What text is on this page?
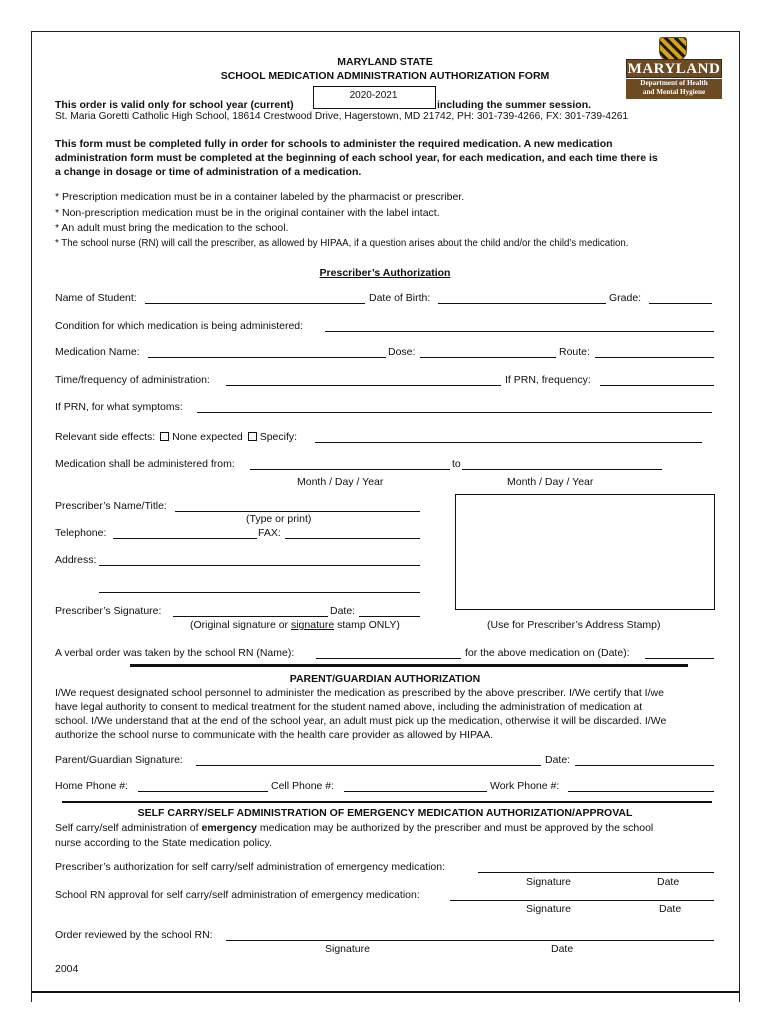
MARYLAND
Department of Health
and Mental Hygiene
MARYLAND STATE
SCHOOL MEDICATION ADMINISTRATION AUTHORIZATION FORM
This order is valid only for school year (current)
2020-2021
including the summer session.
St. Maria Goretti Catholic High School, 18614 Crestwood Drive, Hagerstown, MD 21742, PH: 301-739-4266, FX: 301-739-4261
This form must be completed fully in order for schools to administer the required medication. A new medication
administration form must be completed at the beginning of each school year, for each medication, and each time there is
a change in dosage or time of administration of a medication.
* Prescription medication must be in a container labeled by the pharmacist or prescriber.
* Non-prescription medication must be in the original container with the label intact.
* An adult must bring the medication to the school.
* The school nurse (RN) will call the prescriber, as allowed by HIPAA, if a question arises about the child and/or the child’s medication.
Prescriber’s Authorization
Name of Student:	Date of Birth:	Grade:
Condition for which medication is being administered:
Medication Name:	Dose:	Route:
Time/frequency of administration:	If PRN, frequency:
If PRN, for what symptoms:
Relevant side effects: None expected Specify:
Medication shall be administered from:	to
Month / Day / Year	Month / Day / Year
Prescriber’s Name/Title:
(Type or print)
Telephone:	FAX:
Address:
Prescriber’s Signature:	Date:
(Original signature or signature stamp ONLY)	(Use for Prescriber’s Address Stamp)
A verbal order was taken by the school RN (Name):	for the above medication on (Date):
PARENT/GUARDIAN AUTHORIZATION
I/We request designated school personnel to administer the medication as prescribed by the above prescriber. I/We certify that I/we
have legal authority to consent to medical treatment for the student named above, including the administration of medication at
school. I/We understand that at the end of the school year, an adult must pick up the medication, otherwise it will be discarded. I/We
authorize the school nurse to communicate with the health care provider as allowed by HIPAA.
Parent/Guardian Signature:	Date:
Home Phone #:	Cell Phone #:	Work Phone #:
SELF CARRY/SELF ADMINISTRATION OF EMERGENCY MEDICATION AUTHORIZATION/APPROVAL
Self carry/self administration of emergency medication may be authorized by the prescriber and must be approved by the school
nurse according to the State medication policy.
Prescriber’s authorization for self carry/self administration of emergency medication:
Signature	Date
School RN approval for self carry/self administration of emergency medication:
Signature	Date
Order reviewed by the school RN:
Signature	Date
2004
